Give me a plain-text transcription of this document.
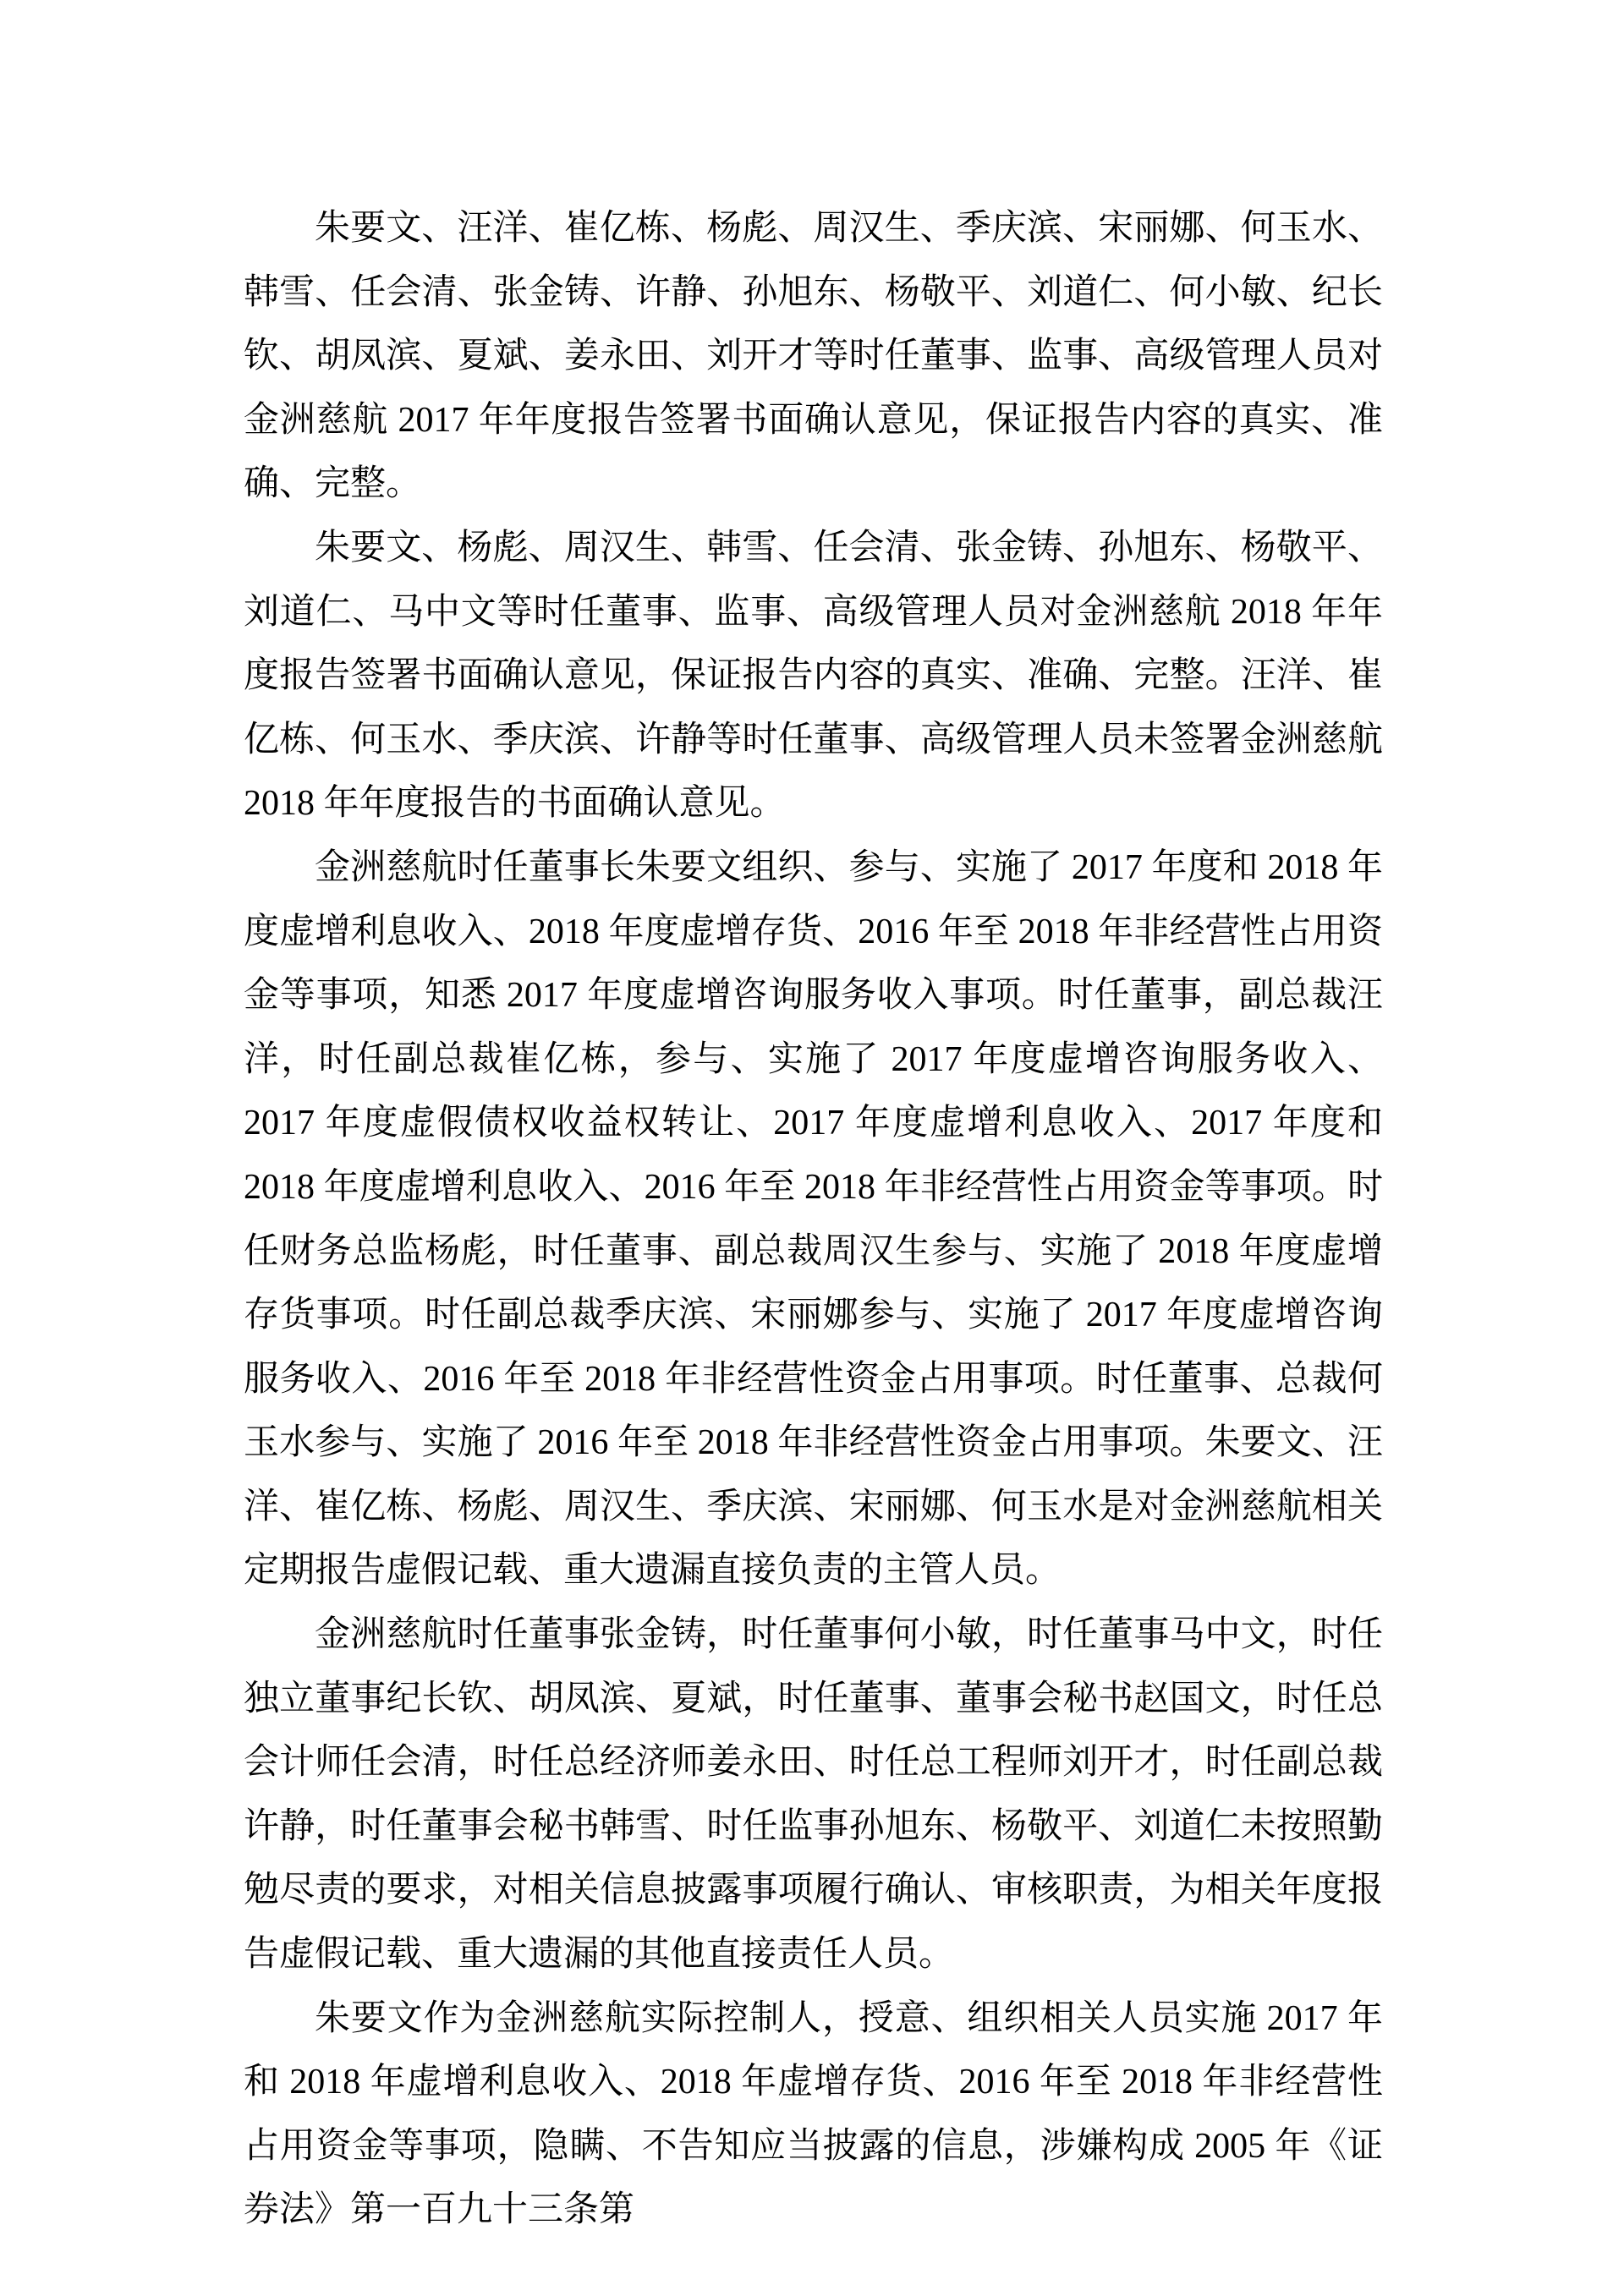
朱要文、汪洋、崔亿栋、杨彪、周汉生、季庆滨、宋丽娜、何玉水、韩雪、任会清、张金铸、许静、孙旭东、杨敬平、刘道仁、何小敏、纪长钦、胡凤滨、夏斌、姜永田、刘开才等时任董事、监事、高级管理人员对金洲慈航 2017 年年度报告签署书面确认意见，保证报告内容的真实、准确、完整。

朱要文、杨彪、周汉生、韩雪、任会清、张金铸、孙旭东、杨敬平、刘道仁、马中文等时任董事、监事、高级管理人员对金洲慈航 2018 年年度报告签署书面确认意见，保证报告内容的真实、准确、完整。汪洋、崔亿栋、何玉水、季庆滨、许静等时任董事、高级管理人员未签署金洲慈航 2018 年年度报告的书面确认意见。

金洲慈航时任董事长朱要文组织、参与、实施了 2017 年度和 2018 年度虚增利息收入、2018 年度虚增存货、2016 年至 2018 年非经营性占用资金等事项，知悉 2017 年度虚增咨询服务收入事项。时任董事，副总裁汪洋，时任副总裁崔亿栋，参与、实施了 2017 年度虚增咨询服务收入、2017 年度虚假债权收益权转让、2017 年度虚增利息收入、2017 年度和 2018 年度虚增利息收入、2016 年至 2018 年非经营性占用资金等事项。时任财务总监杨彪，时任董事、副总裁周汉生参与、实施了 2018 年度虚增存货事项。时任副总裁季庆滨、宋丽娜参与、实施了 2017 年度虚增咨询服务收入、2016 年至 2018 年非经营性资金占用事项。时任董事、总裁何玉水参与、实施了 2016 年至 2018 年非经营性资金占用事项。朱要文、汪洋、崔亿栋、杨彪、周汉生、季庆滨、宋丽娜、何玉水是对金洲慈航相关定期报告虚假记载、重大遗漏直接负责的主管人员。

金洲慈航时任董事张金铸，时任董事何小敏，时任董事马中文，时任独立董事纪长钦、胡凤滨、夏斌，时任董事、董事会秘书赵国文，时任总会计师任会清，时任总经济师姜永田、时任总工程师刘开才，时任副总裁许静，时任董事会秘书韩雪、时任监事孙旭东、杨敬平、刘道仁未按照勤勉尽责的要求，对相关信息披露事项履行确认、审核职责，为相关年度报告虚假记载、重大遗漏的其他直接责任人员。

朱要文作为金洲慈航实际控制人，授意、组织相关人员实施 2017 年和 2018 年虚增利息收入、2018 年虚增存货、2016 年至 2018 年非经营性占用资金等事项，隐瞒、不告知应当披露的信息，涉嫌构成 2005 年《证券法》第一百九十三条第
